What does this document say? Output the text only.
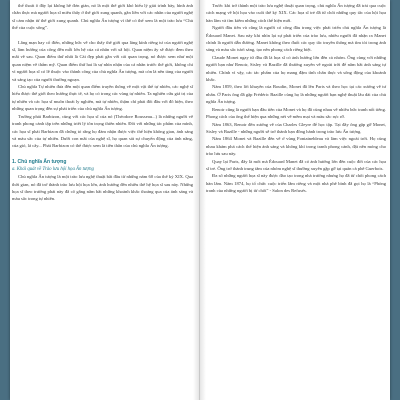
thể thoát ô đây lại không hề đơn giản, nó là một thế giới khó hiểu lý giải trình bày, hình ảnh chân thực mà người họa sĩ miêu thấy ở thế giới xung quanh, gắn liền với các nhân của người nghệ sĩ cảm nhận từ thế giới xung quanh. Chủ nghĩa Ấn tượng vì thế có thể xem là một trào lưu “Chủ thể của cuộc sống”.

Lãng mạn hay cổ điển, những bức vẽ cho thấy thế giới qua lăng kính riêng tư của người nghệ sĩ, làm hướng của công đến mỗi lớn hệ của cá nhân với xã hội. Quan niệm ấy sẽ được đem theo mãi về sau. Quan điểm thứ nhất là Cái đẹp phải gắn với cái quan trọng, nó được xem như một quan niệm về thẩm mỹ. Quan điểm thứ hai là sự nhìn nhận của cá nhân trước thế giới, không chỉ vì người họa sĩ có lẽ thuộc vào thành công của chủ nghĩa Ấn tượng, mà còn là nền tảng của người và sáng tạo của người thưởng ngoạn.

Chủ nghĩa Tự nhiên đưa đến một quan điểm truyền thống về một vật thể tự nhiên, các nghệ sĩ hiểu được thế giới theo hướng thực tế, và họ có trong các vùng tự nhiên. Ta nghiên cứu giá trị của tự nhiên và các họa sĩ muốn thoát ly nghiên, mà tự nhiên, thậm chí phải đối đầu với đô hiện, theo những quan trọng đến sự phát triển của chủ nghĩa Ấn tượng.

Trường phái Barbizon, cùng với các họa sĩ của nó (Théodore Rousseau...) là những người vẽ tranh phong cảnh tập trên những triết lý tôn trọng thiên nhiên. Đối với những tác phẩm của mình, các họa sĩ phái Barbizon đã chứng tỏ rằng họ đảm nhận được việc thể hiện không gian, ánh sáng và màu sắc của tự nhiên. Dưới con mắt của nghệ sĩ, họ quan sát sự chuyển động của ánh nắng, của gió, lá cây... Phái Barbizon có thể được xem là tiền thân của chủ nghĩa Ấn tượng.

1. Chủ nghĩa Ấn tượng
a. Khái quát về Trào lưu hội họa Ấn tượng

Chủ nghĩa Ấn tượng là một trào lưu nghệ thuật bắt đầu từ những năm 60 của thế kỷ XIX. Qua thời gian, nó đã trở thành trào lưu hội họa lớn, ảnh hưởng đến nhiều thế hệ họa sĩ sau này. Những họa sĩ theo trường phái này đã cố gắng nắm bắt những khoảnh khắc thoáng qua của ánh sáng và màu sắc trong tự nhiên.

Trước khi trở thành một trào lưu nghệ thuật quan trọng, chủ nghĩa Ấn tượng đã trải qua cuộc cách mạng về hội họa vào cuối thế kỷ XIX. Các họa sĩ trẻ đã từ chối những quy tắc của hội họa hàn lâm và tìm kiếm những cách thể hiện mới.

Người đầu tiên và cũng là người có công đầu trong việc phát triển chủ nghĩa Ấn tượng là Édouard Manet. Sau này khi nhìn lại sự phát triển của trào lưu, nhiều người đã nhận ra Manet chính là người dẫn đường. Manet không theo đuổi các quy tắc truyền thống mà tìm tòi trong ánh sáng và màu sắc tươi sáng, tạo nên phong cách riêng biệt.

Claude Monet ngay từ đầu đã là họa sĩ có ảnh hưởng lớn đến cả nhóm. Ông cùng với những người bạn như Renoir, Sisley và Bazille đã thường xuyên vẽ ngoài trời để nắm bắt ánh sáng tự nhiên. Chính vì vậy, các tác phẩm của họ mang đậm tính chân thực và sống động của khoảnh khắc.

Năm 1859, theo lời khuyên của Boudin, Monet đã lên Paris và theo học tại các xưởng vẽ tư nhân. Ở Paris ông đã gặp Frédéric Bazille cùng họ là những người bạn nghệ thuật lâu dài của chủ nghĩa Ấn tượng.

Renoir cũng là người bạn đầu tiên của Monet và họ đã cùng nhau vẽ nhiều bức tranh nổi tiếng. Phong cách của ông thể hiện qua những nét vẽ mềm mại và màu sắc rực rỡ.

Năm 1863, Renoir đến xưởng vẽ của Charles Gleyre để học tập. Tại đây ông gặp gỡ Monet, Sisley và Bazille - những người sẽ trở thành bạn đồng hành trong trào lưu Ấn tượng.

Năm 1864 Monet và Bazille đến vẽ ở vùng Fontainebleau và làm việc ngoài trời. Họ cùng nhau khám phá cách thể hiện ánh sáng và không khí trong tranh phong cảnh, đặt nền móng cho trào lưu sau này.

Quay lại Paris, đây là mốt mà Édouard Manet đã có ảnh hưởng lớn đến cuộc đời của các họa sĩ trẻ. Ông trở thành trung tâm của nhóm nghệ sĩ thường xuyên gặp gỡ tại quán cà phê Guerbois.

Đa số những người họa sĩ này được đào tạo trong nhà trường nhưng họ đã từ chối phong cách hàn lâm. Năm 1874, họ tổ chức cuộc triển lãm riêng và một nhà phê bình đã gọi họ là “Phòng tranh của những người bị từ chối” - Salon des Refusés.
